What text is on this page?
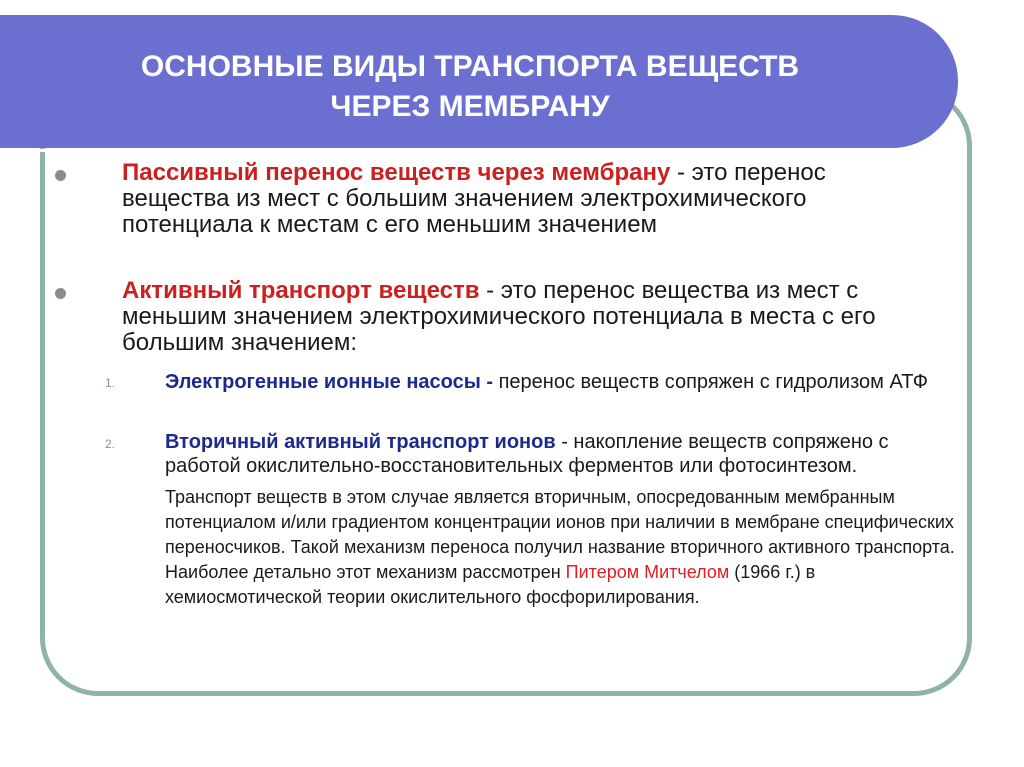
ОСНОВНЫЕ ВИДЫ ТРАНСПОРТА ВЕЩЕСТВ
ЧЕРЕЗ МЕМБРАНУ

Пассивный перенос веществ через мембрану - это перенос вещества из мест с большим значением электрохимического потенциала к местам с его меньшим значением

Активный транспорт веществ - это перенос вещества из мест с меньшим значением электрохимического потенциала в места с его большим значением:

1. Электрогенные ионные насосы - перенос веществ сопряжен с гидролизом АТФ

2. Вторичный активный транспорт ионов - накопление веществ сопряжено с работой окислительно-восстановительных ферментов или фотосинтезом.

Транспорт веществ в этом случае является вторичным, опосредованным мембранным потенциалом и/или градиентом концентрации ионов при наличии в мембране специфических переносчиков. Такой механизм переноса получил название вторичного активного транспорта. Наиболее детально этот механизм рассмотрен Питером Митчелом (1966 г.) в хемиосмотической теории окислительного фосфорилирования.
